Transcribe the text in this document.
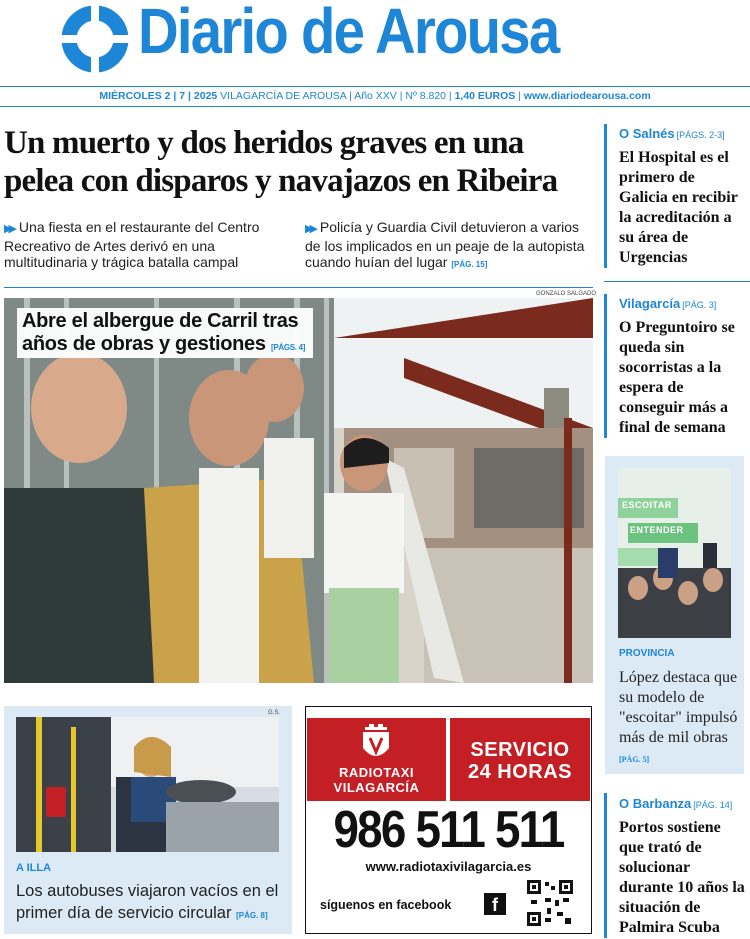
Diario de Arousa
MIÉRCOLES 2 | 7 | 2025 VILAGARCÍA DE AROUSA | Año XXV | Nº 8.820 | 1,40 EUROS | www.diariodearousa.com
Un muerto y dos heridos graves en una pelea con disparos y navajazos en Ribeira
▶▶ Una fiesta en el restaurante del Centro Recreativo de Artes derivó en una multitudinaria y trágica batalla campal
▶▶ Policía y Guardia Civil detuvieron a varios de los implicados en un peaje de la autopista cuando huían del lugar [PÁG. 15]
GONZALO SALGADO
Abre el albergue de Carril tras años de obras y gestiones [PÁGS. 4]
G.S.
A ILLA
Los autobuses viajaron vacíos en el primer día de servicio circular [PÁG. 8]
RADIOTAXI
VILAGARCÍA
SERVICIO
24 HORAS
986 511 511
www.radiotaxivilagarcia.es
síguenos en facebook	f
O Salnés [PÁGS. 2-3]
El Hospital es el primero de Galicia en recibir la acreditación a su área de Urgencias
Vilagarcía [PÁG. 3]
O Preguntoiro se queda sin socorristas a la espera de conseguir más a final de semana
ESCOITAR
ENTENDER
PROVINCIA
López destaca que su modelo de "escoitar" impulsó más de mil obras [PÁG. 5]
O Barbanza [PÁG. 14]
Portos sostiene que trató de solucionar durante 10 años la situación de Palmira Scuba
